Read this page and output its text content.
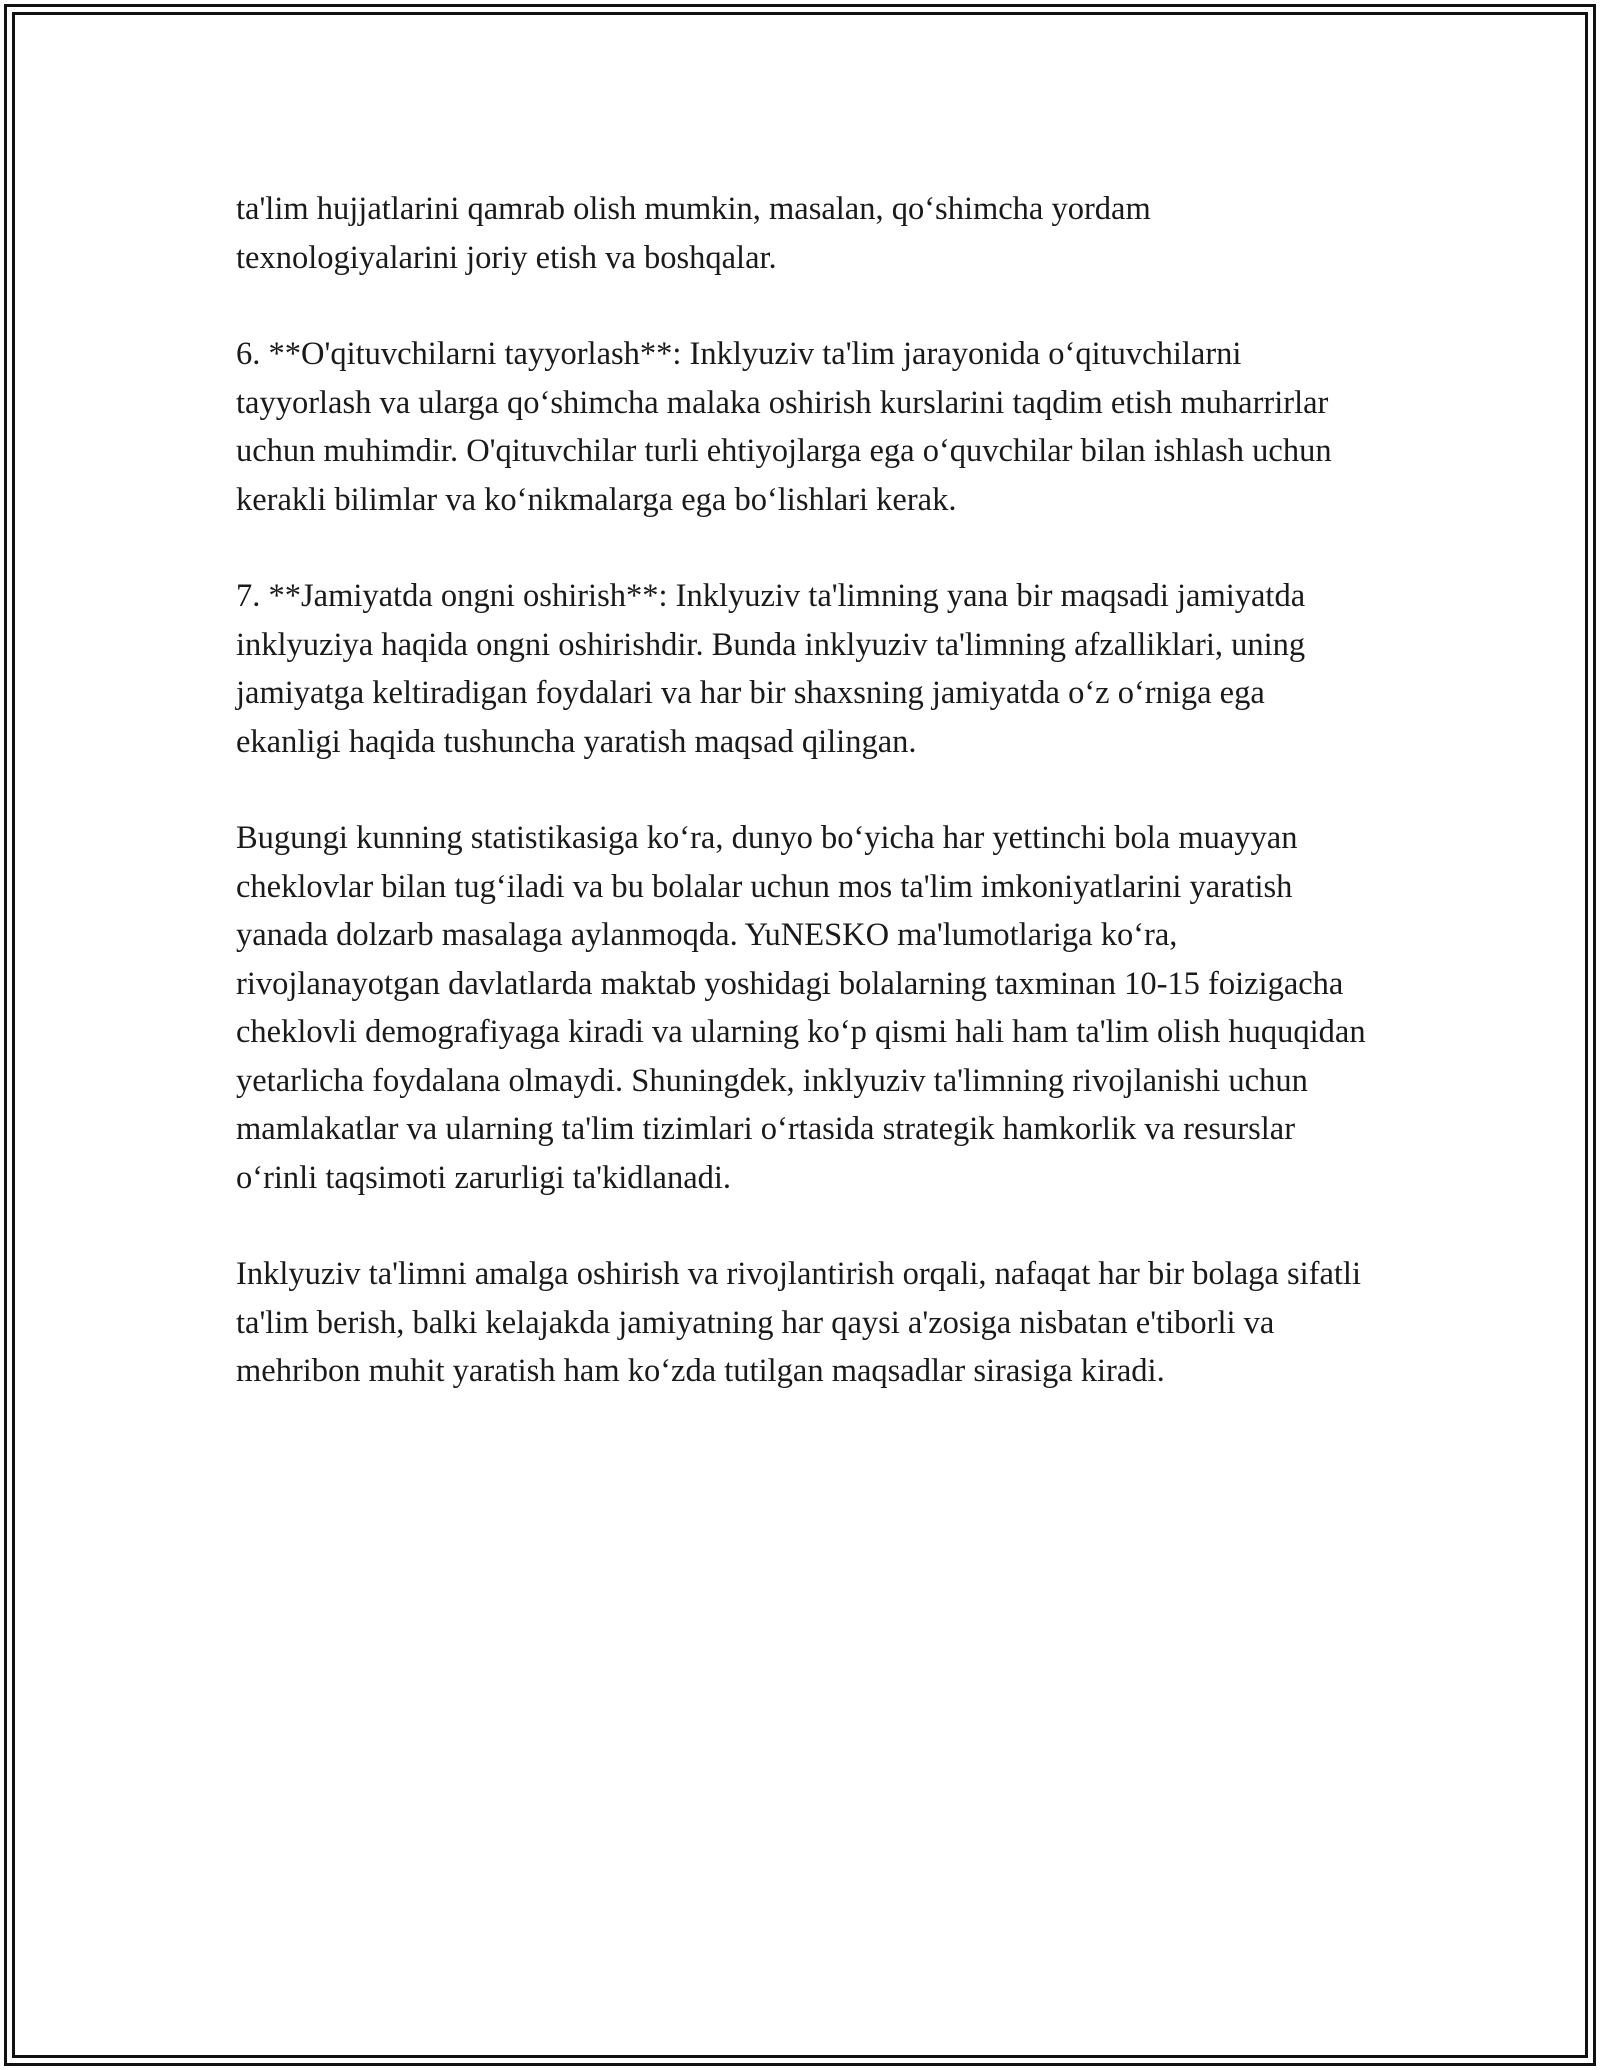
ta'lim hujjatlarini qamrab olish mumkin, masalan, qo‘shimcha yordam texnologiyalarini joriy etish va boshqalar.

6. **O'qituvchilarni tayyorlash**: Inklyuziv ta'lim jarayonida o‘qituvchilarni tayyorlash va ularga qo‘shimcha malaka oshirish kurslarini taqdim etish muharrirlar uchun muhimdir. O'qituvchilar turli ehtiyojlarga ega o‘quvchilar bilan ishlash uchun kerakli bilimlar va ko‘nikmalarga ega bo‘lishlari kerak.

7. **Jamiyatda ongni oshirish**: Inklyuziv ta'limning yana bir maqsadi jamiyatda inklyuziya haqida ongni oshirishdir. Bunda inklyuziv ta'limning afzalliklari, uning jamiyatga keltiradigan foydalari va har bir shaxsning jamiyatda o‘z o‘rniga ega ekanligi haqida tushuncha yaratish maqsad qilingan.

Bugungi kunning statistikasiga ko‘ra, dunyo bo‘yicha har yettinchi bola muayyan cheklovlar bilan tug‘iladi va bu bolalar uchun mos ta'lim imkoniyatlarini yaratish yanada dolzarb masalaga aylanmoqda. YuNESKO ma'lumotlariga ko‘ra, rivojlanayotgan davlatlarda maktab yoshidagi bolalarning taxminan 10-15 foizigacha cheklovli demografiyaga kiradi va ularning ko‘p qismi hali ham ta'lim olish huquqidan yetarlicha foydalana olmaydi. Shuningdek, inklyuziv ta'limning rivojlanishi uchun mamlakatlar va ularning ta'lim tizimlari o‘rtasida strategik hamkorlik va resurslar o‘rinli taqsimoti zarurligi ta'kidlanadi.

Inklyuziv ta'limni amalga oshirish va rivojlantirish orqali, nafaqat har bir bolaga sifatli ta'lim berish, balki kelajakda jamiyatning har qaysi a'zosiga nisbatan e'tiborli va mehribon muhit yaratish ham ko‘zda tutilgan maqsadlar sirasiga kiradi.
